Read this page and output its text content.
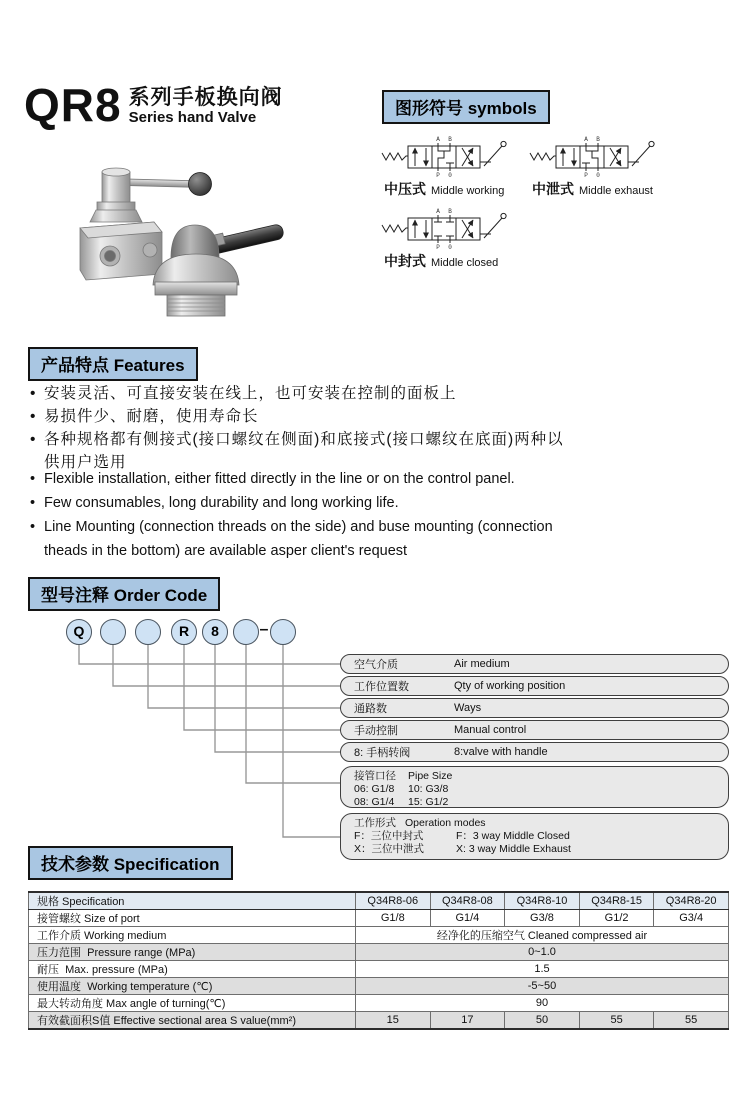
QR8 系列手板换向阀
Series hand Valve	图形符号 symbols
A B
P 0
中压式 Middle working
A B
P 0
中泄式 Middle exhaust
A B
P 0
中封式 Middle closed
产品特点 Features
• 安装灵活、可直接安装在线上，也可安装在控制的面板上
• 易损件少、耐磨，使用寿命长
• 各种规格都有侧接式(接口螺纹在侧面)和底接式(接口螺纹在底面)两种以供用户选用
• Flexible installation, either fitted directly in the line or on the control panel.
• Few consumables, long durability and long working life.
• Line Mounting (connection threads on the side) and buse mounting (connection theads in the bottom) are available asper client's request
型号注释 Order Code
Q	R	8	–
空气介质	Air medium
工作位置数	Qty of working position
通路数	Ways
手动控制	Manual control
8: 手柄转阀	8:valve with handle
接管口径	Pipe Size
06: G1/8	10: G3/8
08: G1/4	15: G1/2
工作形式 Operation modes
F：三位中封式	F：3 way Middle Closed
X：三位中泄式	X: 3 way Middle Exhaust
技术参数 Specification
规格 Specification	Q34R8-06	Q34R8-08	Q34R8-10	Q34R8-15	Q34R8-20
接管螺纹 Size of port	G1/8	G1/4	G3/8	G1/2	G3/4
工作介质 Working medium	经净化的压缩空气 Cleaned compressed air				
压力范围  Pressure range (MPa)	0~1.0				
耐压  Max. pressure (MPa)	1.5				
使用温度  Working temperature (℃)	-5~50				
最大转动角度 Max angle of turning(℃)	90				
有效截面积S值 Effective sectional area S value(mm²)	15	17	50	55	55
